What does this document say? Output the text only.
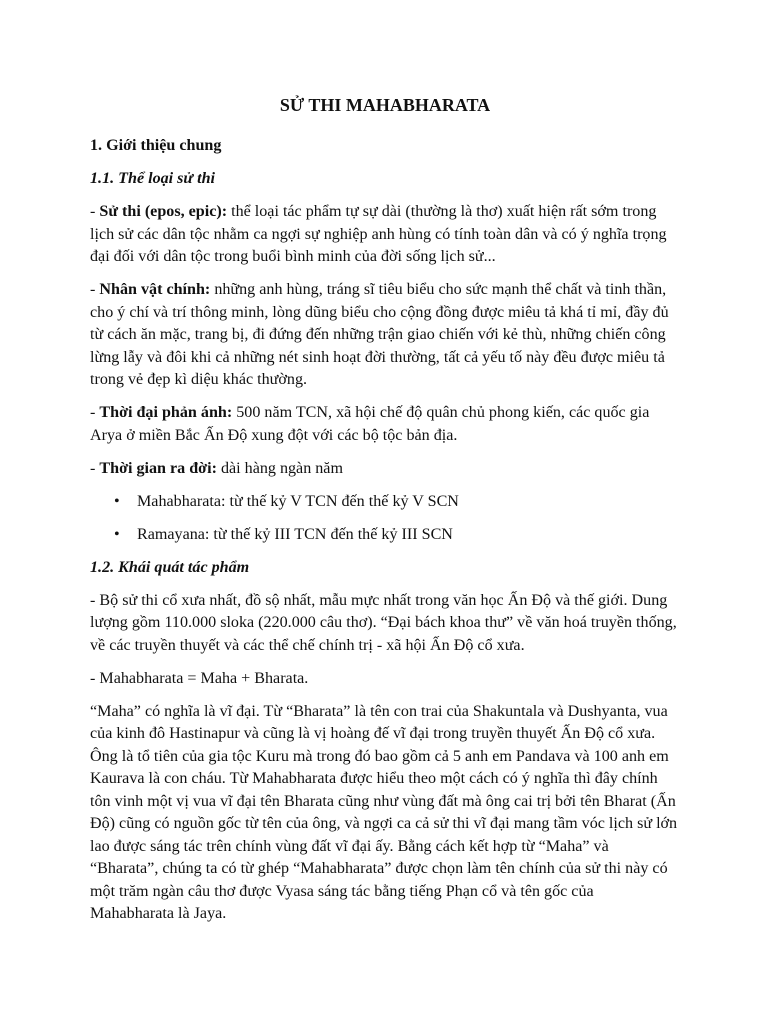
SỬ THI MAHABHARATA

1. Giới thiệu chung

1.1. Thể loại sử thi

- Sử thi (epos, epic): thể loại tác phẩm tự sự dài (thường là thơ) xuất hiện rất sớm trong lịch sử các dân tộc nhằm ca ngợi sự nghiệp anh hùng có tính toàn dân và có ý nghĩa trọng đại đối với dân tộc trong buổi bình minh của đời sống lịch sử...

- Nhân vật chính: những anh hùng, tráng sĩ tiêu biểu cho sức mạnh thể chất và tinh thần, cho ý chí và trí thông minh, lòng dũng biểu cho cộng đồng được miêu tả khá tỉ mỉ, đầy đủ từ cách ăn mặc, trang bị, đi đứng đến những trận giao chiến với kẻ thù, những chiến công lừng lẫy và đôi khi cả những nét sinh hoạt đời thường, tất cả yếu tố này đều được miêu tả trong vẻ đẹp kì diệu khác thường.

- Thời đại phản ánh: 500 năm TCN, xã hội chế độ quân chủ phong kiến, các quốc gia Arya ở miền Bắc Ấn Độ xung đột với các bộ tộc bản địa.

- Thời gian ra đời: dài hàng ngàn năm

• Mahabharata: từ thế kỷ V TCN đến thế kỷ V SCN
• Ramayana: từ thế kỷ III TCN đến thế kỷ III SCN

1.2. Khái quát tác phẩm

- Bộ sử thi cổ xưa nhất, đồ sộ nhất, mẫu mực nhất trong văn học Ấn Độ và thế giới. Dung lượng gồm 110.000 sloka (220.000 câu thơ). “Đại bách khoa thư” về văn hoá truyền thống, về các truyền thuyết và các thể chế chính trị - xã hội Ấn Độ cổ xưa.

- Mahabharata = Maha + Bharata.

“Maha” có nghĩa là vĩ đại. Từ “Bharata” là tên con trai của Shakuntala và Dushyanta, vua của kinh đô Hastinapur và cũng là vị hoàng đế vĩ đại trong truyền thuyết Ấn Độ cổ xưa. Ông là tổ tiên của gia tộc Kuru mà trong đó bao gồm cả 5 anh em Pandava và 100 anh em Kaurava là con cháu. Từ Mahabharata được hiểu theo một cách có ý nghĩa thì đây chính tôn vinh một vị vua vĩ đại tên Bharata cũng như vùng đất mà ông cai trị bởi tên Bharat (Ấn Độ) cũng có nguồn gốc từ tên của ông, và ngợi ca cả sử thi vĩ đại mang tầm vóc lịch sử lớn lao được sáng tác trên chính vùng đất vĩ đại ấy. Bằng cách kết hợp từ “Maha” và “Bharata”, chúng ta có từ ghép “Mahabharata” được chọn làm tên chính của sử thi này có một trăm ngàn câu thơ được Vyasa sáng tác bằng tiếng Phạn cổ và tên gốc của Mahabharata là Jaya.
